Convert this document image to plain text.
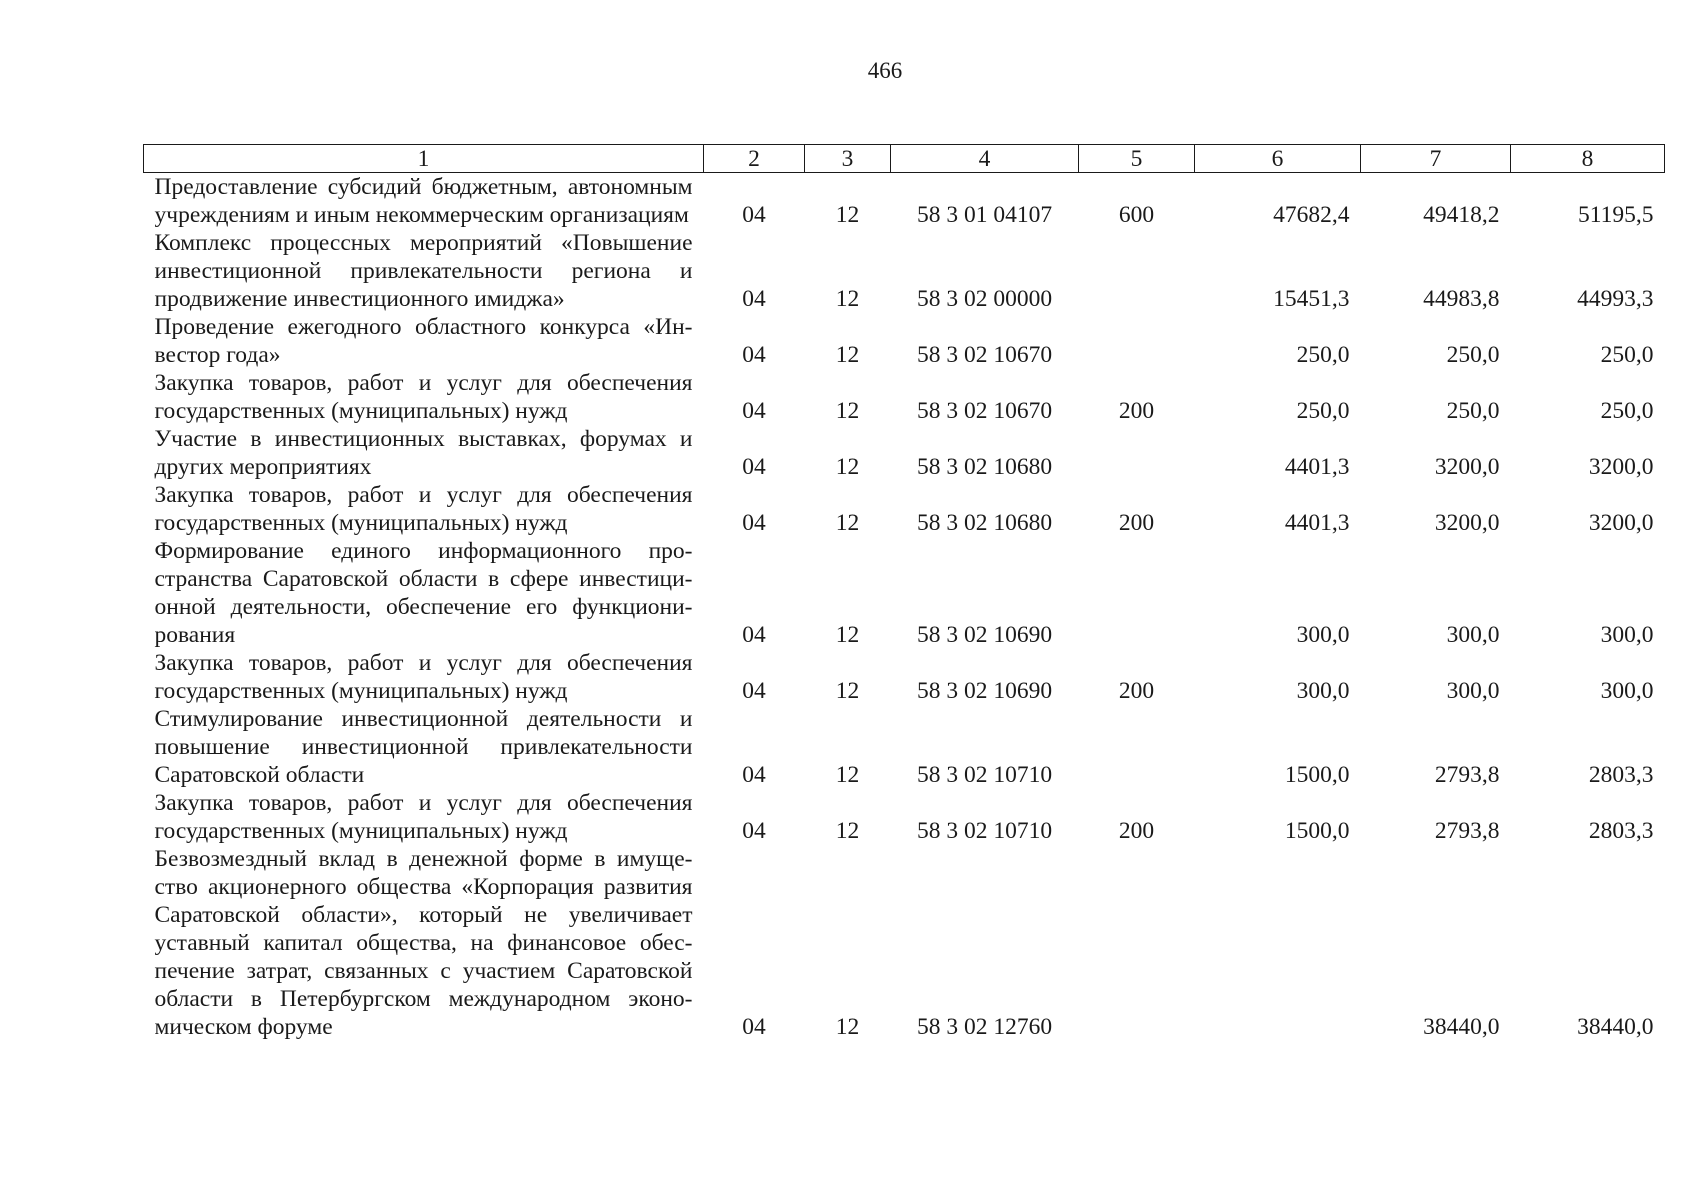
466
1	2	3	4	5	6	7	8
Предоставление субсидий бюджетным, автономным учреждениям и иным некоммерческим организациям	04	12	58 3 01 04107	600	47682,4	49418,2	51195,5
Комплекс процессных мероприятий «Повышение инвестиционной привлекательности региона и продвижение инвестиционного имиджа»	04	12	58 3 02 00000		15451,3	44983,8	44993,3
Проведение ежегодного областного конкурса «Инвестор года»	04	12	58 3 02 10670		250,0	250,0	250,0
Закупка товаров, работ и услуг для обеспечения государственных (муниципальных) нужд	04	12	58 3 02 10670	200	250,0	250,0	250,0
Участие в инвестиционных выставках, форумах и других мероприятиях	04	12	58 3 02 10680		4401,3	3200,0	3200,0
Закупка товаров, работ и услуг для обеспечения государственных (муниципальных) нужд	04	12	58 3 02 10680	200	4401,3	3200,0	3200,0
Формирование единого информационного пространства Саратовской области в сфере инвестиционной деятельности, обеспечение его функционирования	04	12	58 3 02 10690		300,0	300,0	300,0
Закупка товаров, работ и услуг для обеспечения государственных (муниципальных) нужд	04	12	58 3 02 10690	200	300,0	300,0	300,0
Стимулирование инвестиционной деятельности и повышение инвестиционной привлекательности Саратовской области	04	12	58 3 02 10710		1500,0	2793,8	2803,3
Закупка товаров, работ и услуг для обеспечения государственных (муниципальных) нужд	04	12	58 3 02 10710	200	1500,0	2793,8	2803,3
Безвозмездный вклад в денежной форме в имущество акционерного общества «Корпорация развития Саратовской области», который не увеличивает уставный капитал общества, на финансовое обеспечение затрат, связанных с участием Саратовской области в Петербургском международном экономическом форуме	04	12	58 3 02 12760			38440,0	38440,0
